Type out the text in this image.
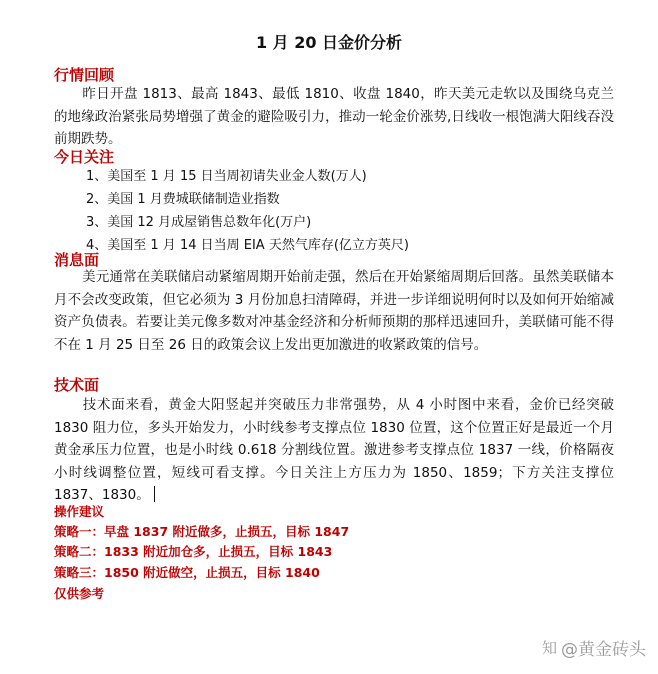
1 月 20 日金价分析
行情回顾

昨日开盘 1813、最高 1843、最低 1810、收盘 1840，昨天美元走软以及围绕乌克兰的地缘政治紧张局势增强了黄金的避险吸引力，推动一轮金价涨势,日线收一根饱满大阳线吞没前期跌势。

今日关注
1、美国至 1 月 15 日当周初请失业金人数(万人)
2、美国 1 月费城联储制造业指数
3、美国 12 月成屋销售总数年化(万户)
4、美国至 1 月 14 日当周 EIA 天然气库存(亿立方英尺)
消息面

美元通常在美联储启动紧缩周期开始前走强，然后在开始紧缩周期后回落。虽然美联储本月不会改变政策，但它必须为 3 月份加息扫清障碍，并进一步详细说明何时以及如何开始缩减资产负债表。若要让美元像多数对冲基金经济和分析师预期的那样迅速回升，美联储可能不得不在 1 月 25 日至 26 日的政策会议上发出更加激进的收紧政策的信号。

技术面

技术面来看，黄金大阳竖起并突破压力非常强势，从 4 小时图中来看，金价已经突破 1830 阻力位，多头开始发力，小时线参考支撑点位 1830 位置，这个位置正好是最近一个月黄金承压力位置，也是小时线 0.618 分割线位置。激进参考支撑点位 1837 一线，价格隔夜小时线调整位置，短线可看支撑。今日关注上方压力为 1850、1859；下方关注支撑位 1837、1830。

操作建议
策略一：早盘 1837 附近做多，止损五，目标 1847
策略二：1833 附近加仓多，止损五，目标 1843
策略三：1850 附近做空，止损五，目标 1840
仅供参考
知 @黄金砖头
